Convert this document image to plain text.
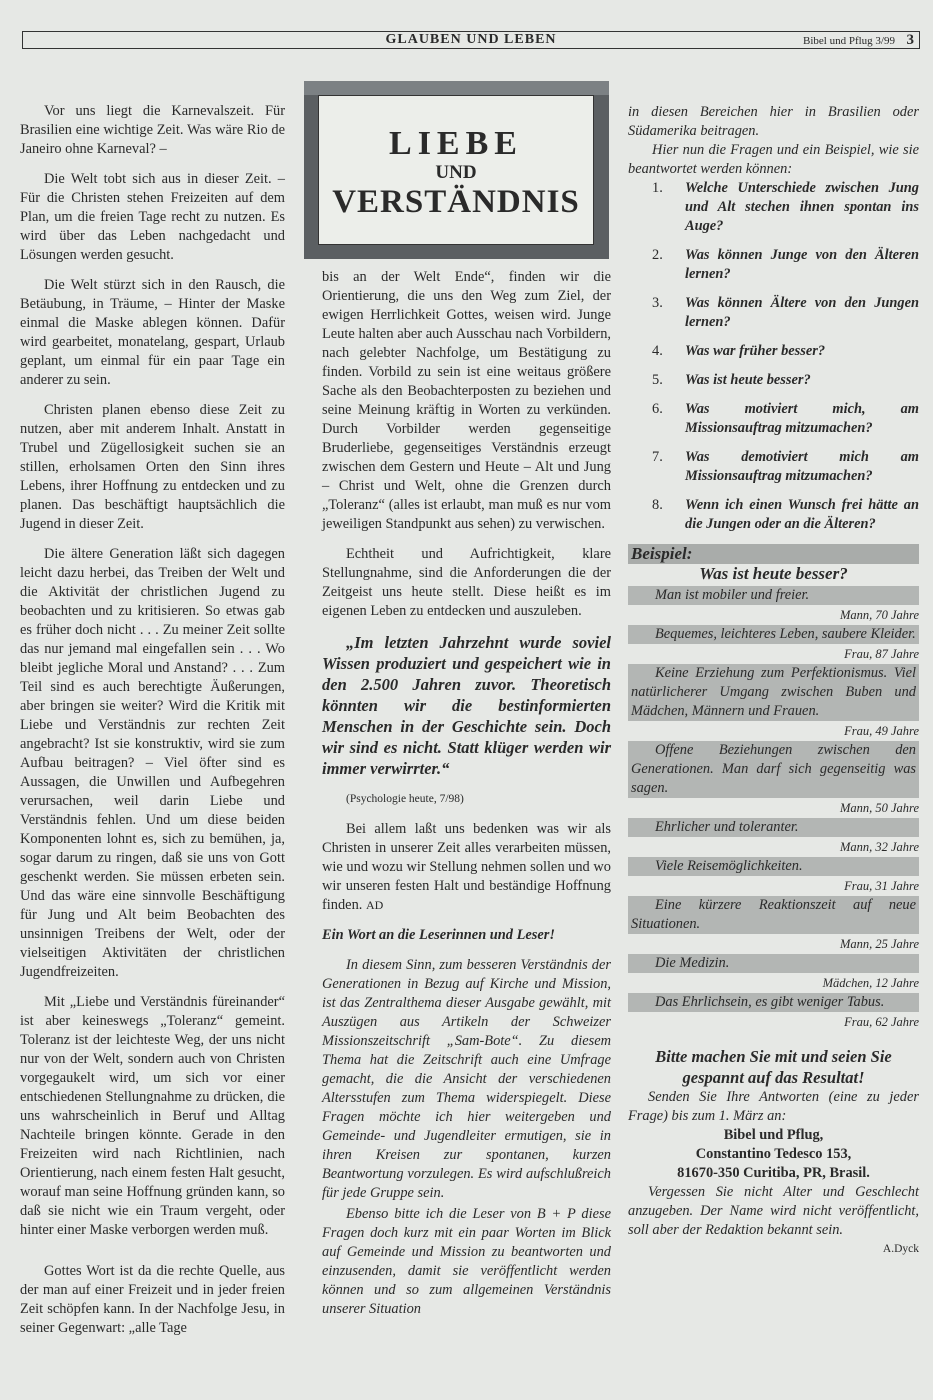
GLAUBEN UND LEBEN	Bibel und Pflug 3/99 3
LIEBE
UND
VERSTÄNDNIS

Vor uns liegt die Karnevalszeit. Für Brasilien eine wichtige Zeit. Was wäre Rio de Janeiro ohne Karneval? –

Die Welt tobt sich aus in dieser Zeit. – Für die Christen stehen Freizeiten auf dem Plan, um die freien Tage recht zu nutzen. Es wird über das Leben nachgedacht und Lösungen werden gesucht.

Die Welt stürzt sich in den Rausch, die Betäubung, in Träume, – Hinter der Maske einmal die Maske ablegen können. Dafür wird gearbeitet, monatelang, gespart, Urlaub geplant, um einmal für ein paar Tage ein anderer zu sein.

Christen planen ebenso diese Zeit zu nutzen, aber mit anderem Inhalt. Anstatt in Trubel und Zügellosigkeit suchen sie an stillen, erholsamen Orten den Sinn ihres Lebens, ihrer Hoffnung zu entdecken und zu planen. Das beschäftigt hauptsächlich die Jugend in dieser Zeit.

Die ältere Generation läßt sich dagegen leicht dazu herbei, das Treiben der Welt und die Aktivität der christlichen Jugend zu beobachten und zu kritisieren. So etwas gab es früher doch nicht . . . Zu meiner Zeit sollte das nur jemand mal eingefallen sein . . . Wo bleibt jegliche Moral und Anstand? . . . Zum Teil sind es auch berechtigte Äußerungen, aber bringen sie weiter? Wird die Kritik mit Liebe und Verständnis zur rechten Zeit angebracht? Ist sie konstruktiv, wird sie zum Aufbau beitragen? – Viel öfter sind es Aussagen, die Unwillen und Aufbegehren verursachen, weil darin Liebe und Verständnis fehlen. Und um diese beiden Komponenten lohnt es, sich zu bemühen, ja, sogar darum zu ringen, daß sie uns von Gott geschenkt werden. Sie müssen erbeten sein. Und das wäre eine sinnvolle Beschäftigung für Jung und Alt beim Beobachten des unsinnigen Treibens der Welt, oder der vielseitigen Aktivitäten der christlichen Jugendfreizeiten.

Mit „Liebe und Verständnis füreinander“ ist aber keineswegs „Toleranz“ gemeint. Toleranz ist der leichteste Weg, der uns nicht nur von der Welt, sondern auch von Christen vorgegaukelt wird, um sich vor einer entschiedenen Stellungnahme zu drücken, die uns wahrscheinlich in Beruf und Alltag Nachteile bringen könnte. Gerade in den Freizeiten wird nach Richtlinien, nach Orientierung, nach einem festen Halt gesucht, worauf man seine Hoffnung gründen kann, so daß sie nicht wie ein Traum vergeht, oder hinter einer Maske verborgen werden muß.

Gottes Wort ist da die rechte Quelle, aus der man auf einer Freizeit und in jeder freien Zeit schöpfen kann. In der Nachfolge Jesu, in seiner Gegenwart: „alle Tage

bis an der Welt Ende“, finden wir die Orientierung, die uns den Weg zum Ziel, der ewigen Herrlichkeit Gottes, weisen wird. Junge Leute halten aber auch Ausschau nach Vorbildern, nach gelebter Nachfolge, um Bestätigung zu finden. Vorbild zu sein ist eine weitaus größere Sache als den Beobachterposten zu beziehen und seine Meinung kräftig in Worten zu verkünden. Durch Vorbilder werden gegenseitige Bruderliebe, gegenseitiges Verständnis erzeugt zwischen dem Gestern und Heute – Alt und Jung – Christ und Welt, ohne die Grenzen durch „Toleranz“ (alles ist erlaubt, man muß es nur vom jeweiligen Standpunkt aus sehen) zu verwischen.

Echtheit und Aufrichtigkeit, klare Stellungnahme, sind die Anforderungen die der Zeitgeist uns heute stellt. Diese heißt es im eigenen Leben zu entdecken und auszuleben.

„Im letzten Jahrzehnt wurde soviel Wissen produziert und gespeichert wie in den 2.500 Jahren zuvor. Theoretisch könnten wir die bestinformierten Menschen in der Geschichte sein. Doch wir sind es nicht. Statt klüger werden wir immer verwirrter.“

(Psychologie heute, 7/98)

Bei allem laßt uns bedenken was wir als Christen in unserer Zeit alles verarbeiten müssen, wie und wozu wir Stellung nehmen sollen und wo wir unseren festen Halt und beständige Hoffnung finden. AD

Ein Wort an die Leserinnen und Leser!

In diesem Sinn, zum besseren Verständnis der Generationen in Bezug auf Kirche und Mission, ist das Zentralthema dieser Ausgabe gewählt, mit Auszügen aus Artikeln der Schweizer Missionszeitschrift „Sam-Bote“. Zu diesem Thema hat die Zeitschrift auch eine Umfrage gemacht, die die Ansicht der verschiedenen Altersstufen zum Thema widerspiegelt. Diese Fragen möchte ich hier weitergeben und Gemeinde- und Jugendleiter ermutigen, sie in ihren Kreisen zur spontanen, kurzen Beantwortung vorzulegen. Es wird aufschlußreich für jede Gruppe sein.

Ebenso bitte ich die Leser von B + P diese Fragen doch kurz mit ein paar Worten im Blick auf Gemeinde und Mission zu beantworten und einzusenden, damit sie veröffentlicht werden können und so zum allgemeinen Verständnis unserer Situation

in diesen Bereichen hier in Brasilien oder Südamerika beitragen.

Hier nun die Fragen und ein Beispiel, wie sie beantwortet werden können:

1. Welche Unterschiede zwischen Jung und Alt stechen ihnen spontan ins Auge?
2. Was können Junge von den Älteren lernen?
3. Was können Ältere von den Jungen lernen?
4. Was war früher besser?
5. Was ist heute besser?
6. Was motiviert mich, am Missionsauftrag mitzumachen?
7. Was demotiviert mich am Missionsauftrag mitzumachen?
8. Wenn ich einen Wunsch frei hätte an die Jungen oder an die Älteren?
Beispiel:
Was ist heute besser?
Man ist mobiler und freier.
Mann, 70 Jahre
Bequemes, leichteres Leben, saubere Kleider.
Frau, 87 Jahre
Keine Erziehung zum Perfektionismus. Viel natürlicherer Umgang zwischen Buben und Mädchen, Männern und Frauen.
Frau, 49 Jahre
Offene Beziehungen zwischen den Generationen. Man darf sich gegenseitig was sagen.
Mann, 50 Jahre
Ehrlicher und toleranter.
Mann, 32 Jahre
Viele Reisemöglichkeiten.
Frau, 31 Jahre
Eine kürzere Reaktionszeit auf neue Situationen.
Mann, 25 Jahre
Die Medizin.
Mädchen, 12 Jahre
Das Ehrlichsein, es gibt weniger Tabus.
Frau, 62 Jahre
Bitte machen Sie mit und seien Sie gespannt auf das Resultat!
Senden Sie Ihre Antworten (eine zu jeder Frage) bis zum 1. März an:
Bibel und Pflug,
Constantino Tedesco 153,
81670-350 Curitiba, PR, Brasil.
Vergessen Sie nicht Alter und Geschlecht anzugeben. Der Name wird nicht veröffentlicht, soll aber der Redaktion bekannt sein.
A.Dyck
